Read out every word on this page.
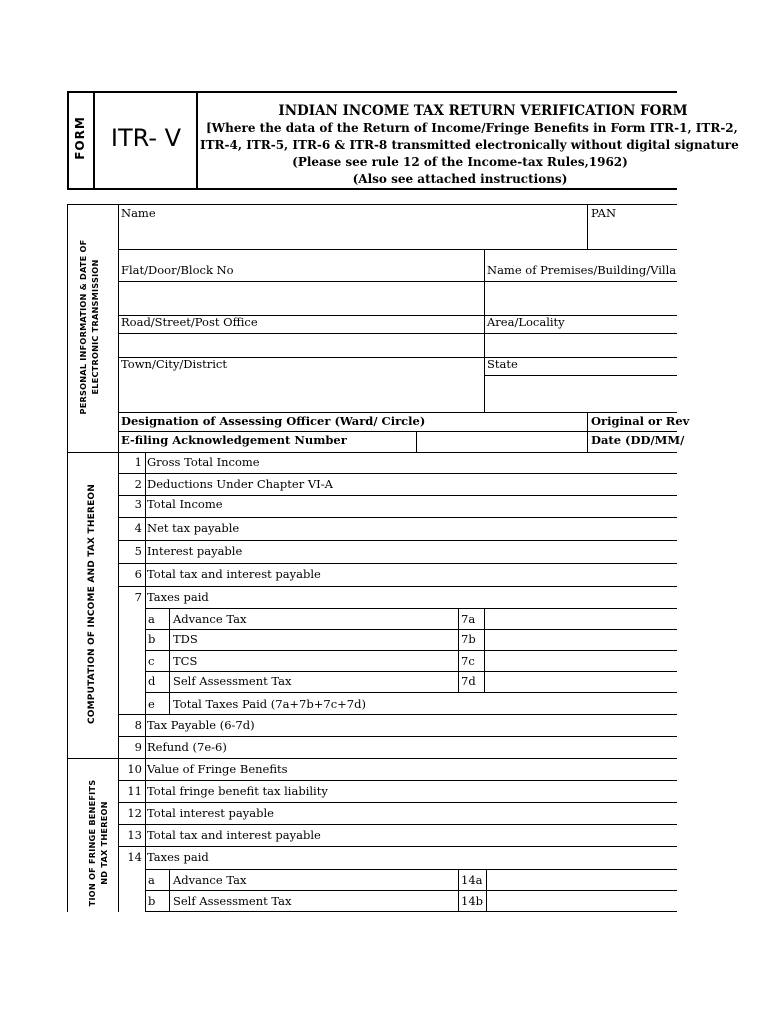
FORM ITR- V
INDIAN INCOME TAX RETURN VERIFICATION FORM
[Where the data of the Return of Income/Fringe Benefits in Form ITR-1, ITR-2,
ITR-4, ITR-5, ITR-6 & ITR-8 transmitted electronically without digital signature
(Please see rule 12 of the Income-tax Rules,1962)
(Also see attached instructions)
PERSONAL INFORMATION & DATE OF ELECTRONIC TRANSMISSION
Name	PAN
Flat/Door/Block No	Name of Premises/Building/Villa
Road/Street/Post Office	Area/Locality
Town/City/District	State
Designation of Assessing Officer (Ward/ Circle)	Original or Rev
E-filing Acknowledgement Number	Date (DD/MM/
COMPUTATION OF INCOME AND TAX THEREON
1 Gross Total Income
2 Deductions Under Chapter VI-A
3 Total Income
4 Net tax payable
5 Interest payable
6 Total tax and interest payable
7 Taxes paid
a Advance Tax	7a
b TDS	7b
c TCS	7c
d Self Assessment Tax	7d
e Total Taxes Paid (7a+7b+7c+7d)
8 Tax Payable (6-7d)
9 Refund (7e-6)
TION OF FRINGE BENEFITS ND TAX THEREON
10 Value of Fringe Benefits
11 Total fringe benefit tax liability
12 Total interest payable
13 Total tax and interest payable
14 Taxes paid
a Advance Tax	14a
b Self Assessment Tax	14b
